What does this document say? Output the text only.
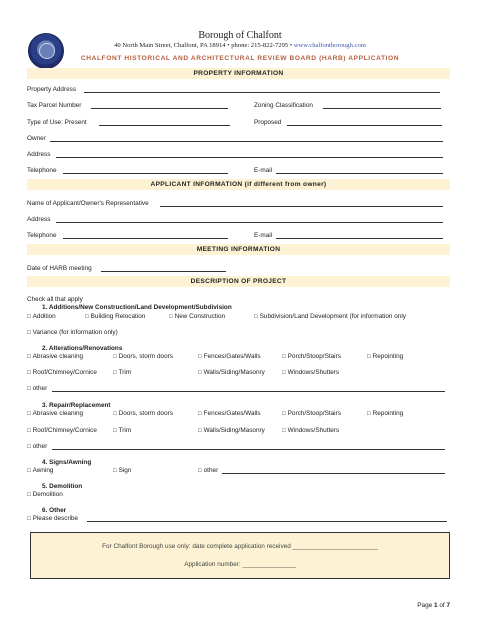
Borough of Chalfont
40 North Main Street, Chalfont, PA 18914 • phone: 215-822-7295 • www.chalfontborough.com
CHALFONT HISTORICAL AND ARCHITECTURAL REVIEW BOARD (HARB) APPLICATION
PROPERTY INFORMATION
Property Address
Tax Parcel Number	Zoning Classification
Type of Use: Present	Proposed
Owner
Address
Telephone	E-mail
APPLICANT INFORMATION (if different from owner)
Name of Applicant/Owner's Representative
Address
Telephone	E-mail
MEETING INFORMATION
Date of HARB meeting
DESCRIPTION OF PROJECT
Check all that apply
1. Additions/New Construction/Land Development/Subdivision
□ Addition	□ Building Relocation	□ New Construction	□ Subdivision/Land Development (for information only
□ Variance (for information only)
2. Alterations/Renovations
□ Abrasive cleaning	□ Doors, storm doors	□ Fences/Gates/Walls	□ Porch/Stoop/Stairs	□ Repointing
□ Roof/Chimney/Cornice	□ Trim	□ Walls/Siding/Masonry	□ Windows/Shutters
□ other
3. Repair/Replacement
□ Abrasive cleaning	□ Doors, storm doors	□ Fences/Gates/Walls	□ Porch/Stoop/Stairs	□ Repointing
□ Roof/Chimney/Cornice	□ Trim	□ Walls/Siding/Masonry	□ Windows/Shutters
□ other
4. Signs/Awning
□ Awning	□ Sign	□ other
5. Demolition
□ Demolition
6. Other
□ Please describe
For Chalfont Borough use only: date complete application received ________________________
Application number: _______________
Page 1 of 7
